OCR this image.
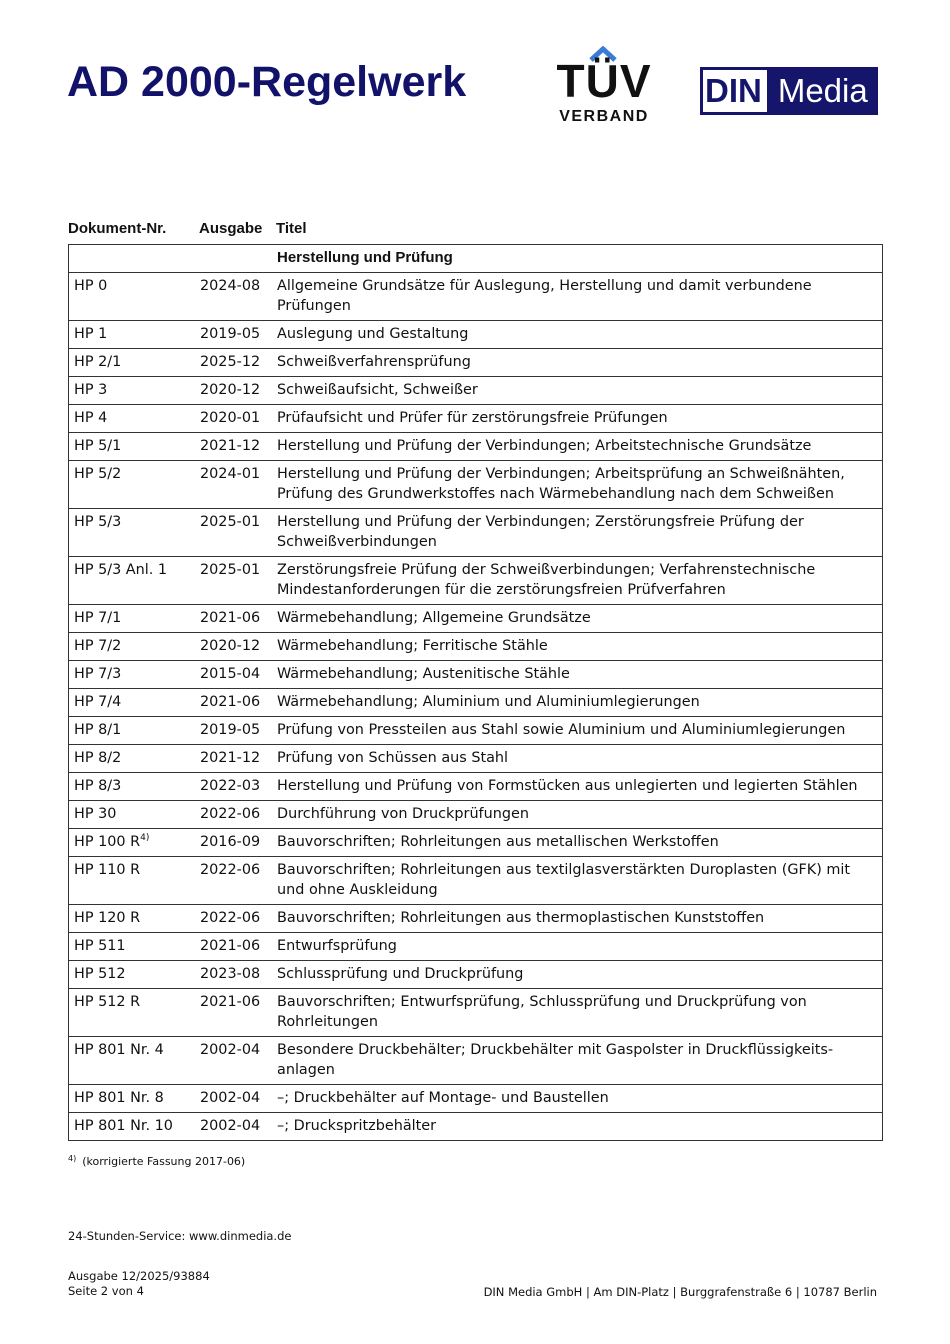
AD 2000-Regelwerk TÜV
VERBAND
DIN Media
Dokument-Nr. Ausgabe Titel
		Herstellung und Prüfung
HP 0	2024-08	Allgemeine Grundsätze für Auslegung, Herstellung und damit verbundene Prüfungen
HP 1	2019-05	Auslegung und Gestaltung
HP 2/1	2025-12	Schweißverfahrensprüfung
HP 3	2020-12	Schweißaufsicht, Schweißer
HP 4	2020-01	Prüfaufsicht und Prüfer für zerstörungsfreie Prüfungen
HP 5/1	2021-12	Herstellung und Prüfung der Verbindungen; Arbeitstechnische Grundsätze
HP 5/2	2024-01	Herstellung und Prüfung der Verbindungen; Arbeitsprüfung an Schweißnähten, Prüfung des Grundwerkstoffes nach Wärmebehandlung nach dem Schweißen
HP 5/3	2025-01	Herstellung und Prüfung der Verbindungen; Zerstörungsfreie Prüfung der Schweißverbindungen
HP 5/3 Anl. 1	2025-01	Zerstörungsfreie Prüfung der Schweißverbindungen; Verfahrenstechnische Mindestanforderungen für die zerstörungsfreien Prüfverfahren
HP 7/1	2021-06	Wärmebehandlung; Allgemeine Grundsätze
HP 7/2	2020-12	Wärmebehandlung; Ferritische Stähle
HP 7/3	2015-04	Wärmebehandlung; Austenitische Stähle
HP 7/4	2021-06	Wärmebehandlung; Aluminium und Aluminiumlegierungen
HP 8/1	2019-05	Prüfung von Pressteilen aus Stahl sowie Aluminium und Aluminiumlegierungen
HP 8/2	2021-12	Prüfung von Schüssen aus Stahl
HP 8/3	2022-03	Herstellung und Prüfung von Formstücken aus unlegierten und legierten Stählen
HP 30	2022-06	Durchführung von Druckprüfungen
HP 100 R$^{4)}$	2016-09	Bauvorschriften; Rohrleitungen aus metallischen Werkstoffen
HP 110 R	2022-06	Bauvorschriften; Rohrleitungen aus textilglasverstärkten Duroplasten (GFK) mit und ohne Auskleidung
HP 120 R	2022-06	Bauvorschriften; Rohrleitungen aus thermoplastischen Kunststoffen
HP 511	2021-06	Entwurfsprüfung
HP 512	2023-08	Schlussprüfung und Druckprüfung
HP 512 R	2021-06	Bauvorschriften; Entwurfsprüfung, Schlussprüfung und Druckprüfung von Rohrleitungen
HP 801 Nr. 4	2002-04	Besondere Druckbehälter; Druckbehälter mit Gaspolster in Druckflüssigkeits-anlagen
HP 801 Nr. 8	2002-04	–; Druckbehälter auf Montage- und Baustellen
HP 801 Nr. 10	2002-04	–; Druckspritzbehälter
$^{4)}$ (korrigierte Fassung 2017-06)
24-Stunden-Service: www.dinmedia.de
Ausgabe 12/2025/93884
Seite 2 von 4	DIN Media GmbH | Am DIN-Platz | Burggrafenstraße 6 | 10787 Berlin
